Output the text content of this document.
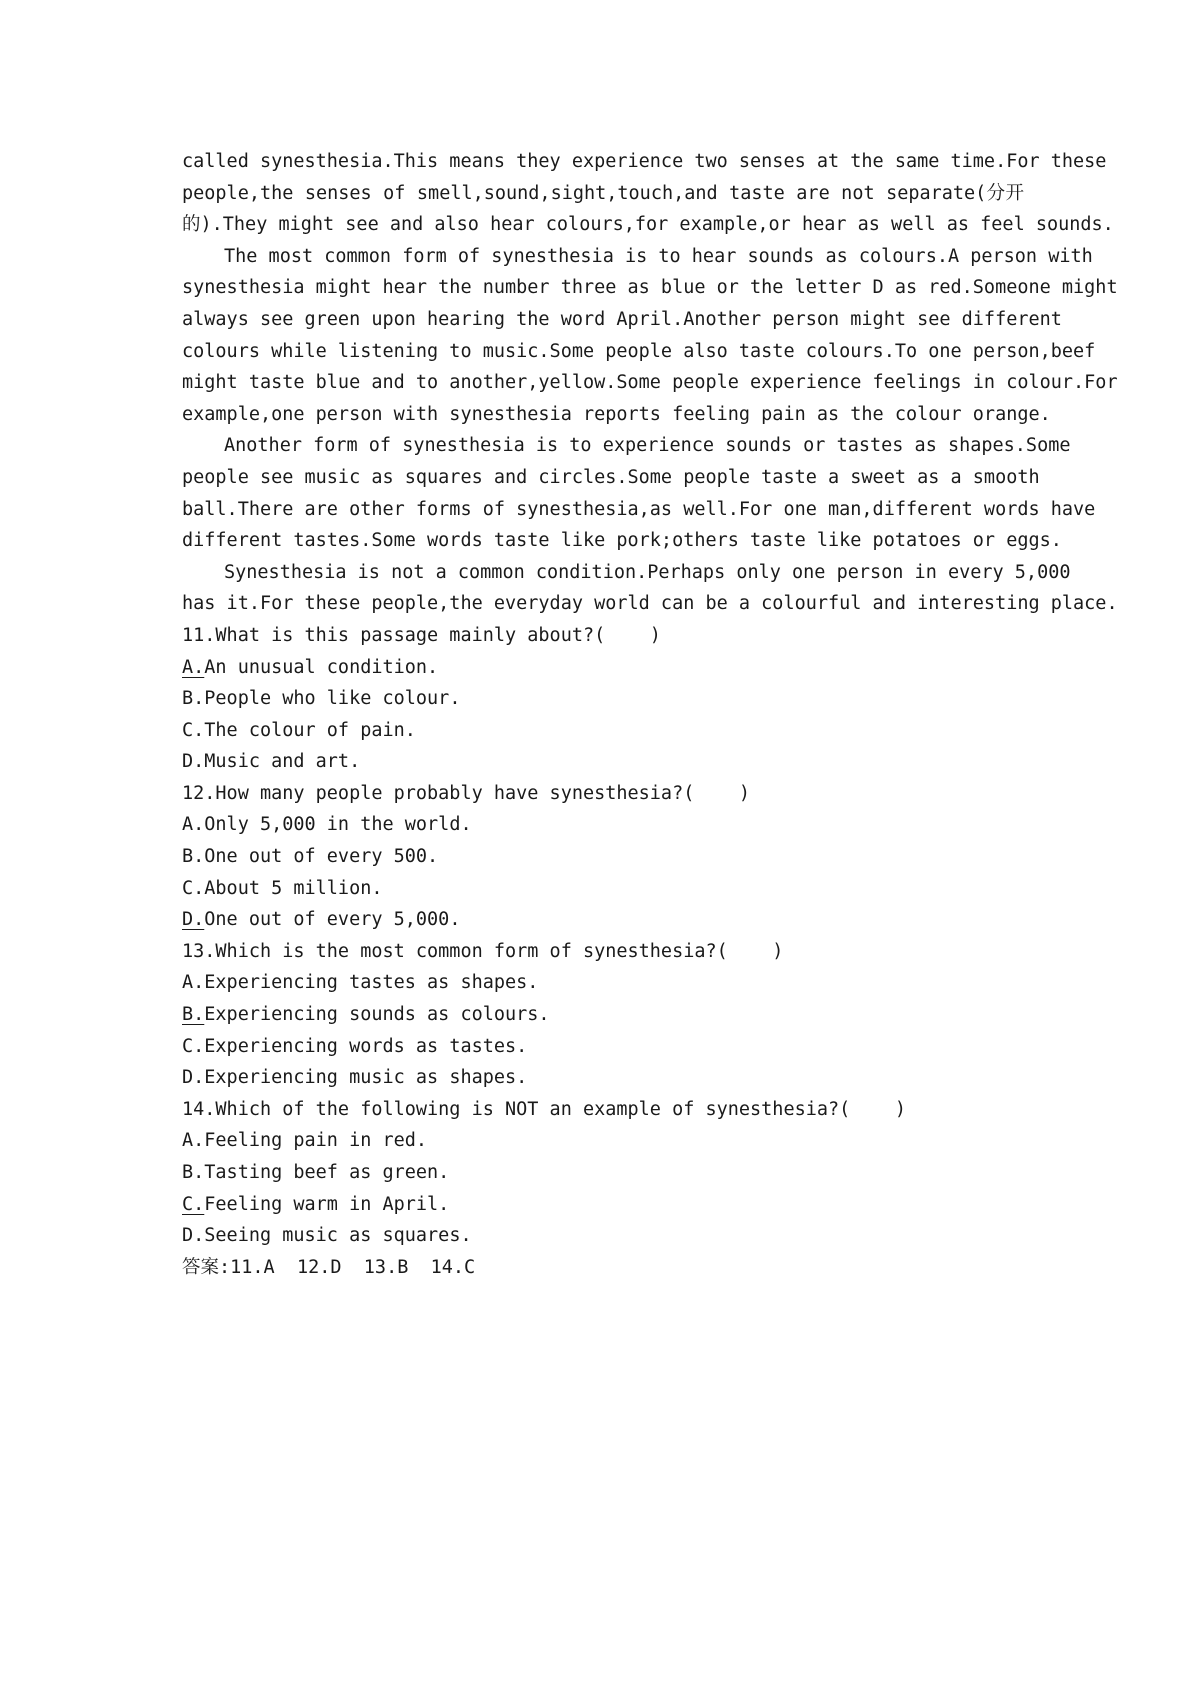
called synesthesia.This means they experience two senses at the same time.For these
people,the senses of smell,sound,sight,touch,and taste are not separate(分开
的).They might see and also hear colours,for example,or hear as well as feel sounds.
The most common form of synesthesia is to hear sounds as colours.A person with
synesthesia might hear the number three as blue or the letter D as red.Someone might
always see green upon hearing the word April.Another person might see different
colours while listening to music.Some people also taste colours.To one person,beef
might taste blue and to another,yellow.Some people experience feelings in colour.For
example,one person with synesthesia reports feeling pain as the colour orange.
Another form of synesthesia is to experience sounds or tastes as shapes.Some
people see music as squares and circles.Some people taste a sweet as a smooth
ball.There are other forms of synesthesia,as well.For one man,different words have
different tastes.Some words taste like pork;others taste like potatoes or eggs.
Synesthesia is not a common condition.Perhaps only one person in every 5,000
has it.For these people,the everyday world can be a colourful and interesting place.

11.What is this passage mainly about?(    )

A.An unusual condition.

B.People who like colour.

C.The colour of pain.

D.Music and art.

12.How many people probably have synesthesia?(    )

A.Only 5,000 in the world.

B.One out of every 500.

C.About 5 million.

D.One out of every 5,000.

13.Which is the most common form of synesthesia?(    )

A.Experiencing tastes as shapes.

B.Experiencing sounds as colours.

C.Experiencing words as tastes.

D.Experiencing music as shapes.

14.Which of the following is NOT an example of synesthesia?(    )

A.Feeling pain in red.

B.Tasting beef as green.

C.Feeling warm in April.

D.Seeing music as squares.

答案:11.A  12.D  13.B  14.C
